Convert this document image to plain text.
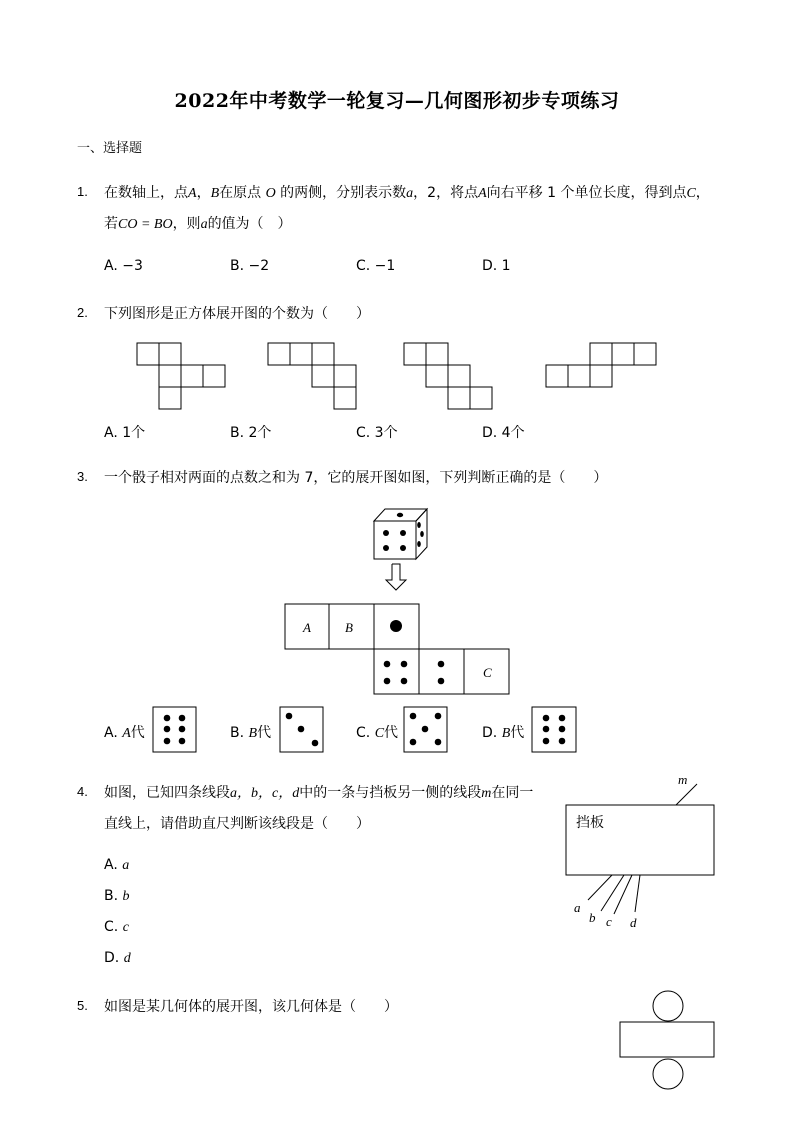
2022年中考数学一轮复习—几何图形初步专项练习
一、选择题
1. 在数轴上，点A，B在原点 O 的两侧，分别表示数a，2，将点A向右平移 1 个单位长度，得到点C，
若CO = BO，则a的值为（　）
A. −3	B. −2	C. −1	D. 1
2. 下列图形是正方体展开图的个数为（　　）
A	B
C
m
挡板
a
b c d
A. 1个	B. 2个	C. 3个	D. 4个
3. 一个骰子相对两面的点数之和为 7，它的展开图如图，下列判断正确的是（　　）
A. A代	B. B代	C. C代	D. B代
4. 如图，已知四条线段a，b，c，d中的一条与挡板另一侧的线段m在同一
直线上，请借助直尺判断该线段是（　　）
A. a
B. b
C. c
D. d
5. 如图是某几何体的展开图，该几何体是（　　）
